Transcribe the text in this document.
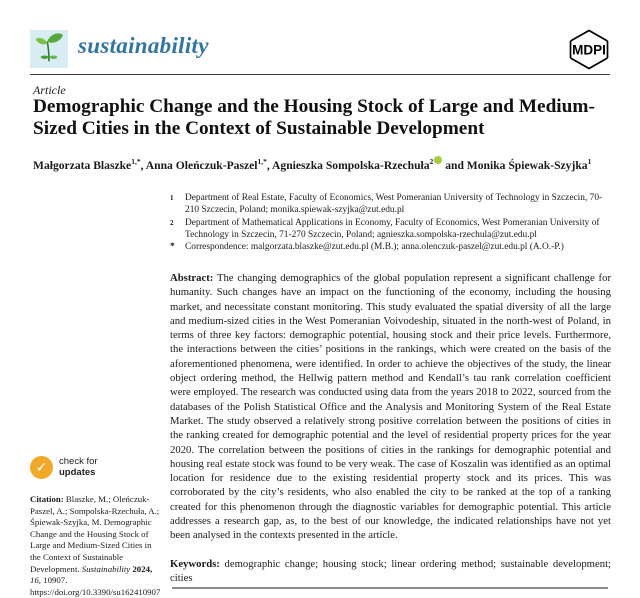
sustainability	MDPI
Article
Demographic Change and the Housing Stock of Large and Medium-Sized Cities in the Context of Sustainable Development
Małgorzata Blaszke$^{1,*}$, Anna Oleńczuk-Paszel$^{1,*}$, Agnieszka Sompolska-Rzechuła$^2$ and Monika Śpiewak-Szyjka$^1$
$^1$	Department of Real Estate, Faculty of Economics, West Pomeranian University of Technology in Szczecin, 70-210 Szczecin, Poland; monika.spiewak-szyjka@zut.edu.pl
$^2$	Department of Mathematical Applications in Economy, Faculty of Economics, West Pomeranian University of Technology in Szczecin, 71-270 Szczecin, Poland; agnieszka.sompolska-rzechula@zut.edu.pl
*	Correspondence: malgorzata.blaszke@zut.edu.pl (M.B.); anna.olenczuk-paszel@zut.edu.pl (A.O.-P.)

Abstract: The changing demographics of the global population represent a significant challenge for humanity. Such changes have an impact on the functioning of the economy, including the housing market, and necessitate constant monitoring. This study evaluated the spatial diversity of all the large and medium-sized cities in the West Pomeranian Voivodeship, situated in the north-west of Poland, in terms of three key factors: demographic potential, housing stock and their price levels. Furthermore, the interactions between the cities’ positions in the rankings, which were created on the basis of the aforementioned phenomena, were identified. In order to achieve the objectives of the study, the linear object ordering method, the Hellwig pattern method and Kendall’s tau rank correlation coefficient were employed. The research was conducted using data from the years 2018 to 2022, sourced from the databases of the Polish Statistical Office and the Analysis and Monitoring System of the Real Estate Market. The study observed a relatively strong positive correlation between the positions of cities in the ranking created for demographic potential and the level of residential property prices for the year 2020. The correlation between the positions of cities in the rankings for demographic potential and housing real estate stock was found to be very weak. The case of Koszalin was identified as an optimal location for residence due to the existing residential property stock and its prices. This was corroborated by the city’s residents, who also enabled the city to be ranked at the top of a ranking created for this phenomenon through the diagnostic variables for demographic potential. This article addresses a research gap, as, to the best of our knowledge, the indicated relationships have not yet been analysed in the contexts presented in the article.

Keywords: demographic change; housing stock; linear ordering method; sustainable development; cities

✓	check for
updates
Citation: Blaszke, M.; Oleńczuk-Paszel, A.; Sompolska-Rzechuła, A.; Śpiewak-Szyjka, M. Demographic Change and the Housing Stock of Large and Medium-Sized Cities in the Context of Sustainable Development. Sustainability 2024, 16, 10907. https://doi.org/10.3390/su162410907
